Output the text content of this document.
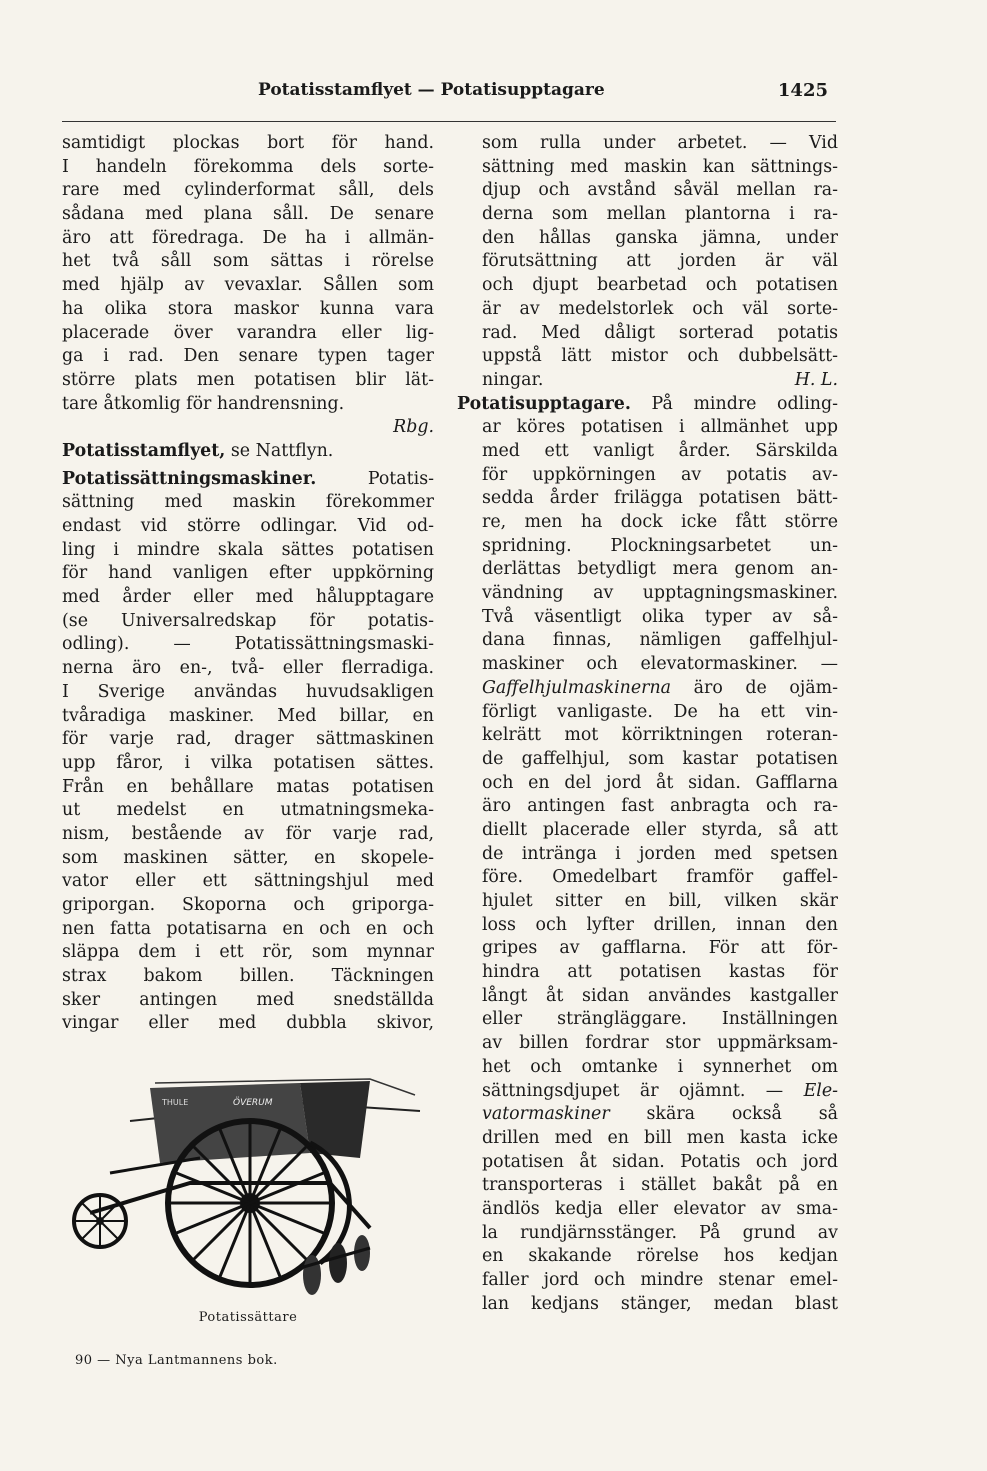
Potatisstamflyet — Potatisupptagare	1425
samtidigt plockas bort för hand.
I handeln förekomma dels sorte-
rare med cylinderformat såll, dels
sådana med plana såll. De senare
äro att föredraga. De ha i allmän-
het två såll som sättas i rörelse
med hjälp av vevaxlar. Sållen som
ha olika stora maskor kunna vara
placerade över varandra eller lig-
ga i rad. Den senare typen tager
större plats men potatisen blir lät-
tare åtkomlig för handrensning.
Rbg.
Potatisstamflyet, se Nattflyn.
Potatissättningsmaskiner. Potatis-
sättning med maskin förekommer
endast vid större odlingar. Vid od-
ling i mindre skala sättes potatisen
för hand vanligen efter uppkörning
med årder eller med hålupptagare
(se Universalredskap för potatis-
odling). — Potatissättningsmaski-
nerna äro en-, två- eller flerradiga.
I Sverige användas huvudsakligen
tvåradiga maskiner. Med billar, en
för varje rad, drager sättmaskinen
upp fåror, i vilka potatisen sättes.
Från en behållare matas potatisen
ut medelst en utmatningsmeka-
nism, bestående av för varje rad,
som maskinen sätter, en skopele-
vator eller ett sättningshjul med
griporgan. Skoporna och griporga-
nen fatta potatisarna en och en och
släppa dem i ett rör, som mynnar
strax bakom billen. Täckningen
sker antingen med snedställda
vingar eller med dubbla skivor,
som rulla under arbetet. — Vid
sättning med maskin kan sättnings-
djup och avstånd såväl mellan ra-
derna som mellan plantorna i ra-
den hållas ganska jämna, under
förutsättning att jorden är väl
och djupt bearbetad och potatisen
är av medelstorlek och väl sorte-
rad. Med dåligt sorterad potatis
uppstå lätt mistor och dubbelsätt-
ningar.	H. L.
Potatisupptagare. På mindre odling-
ar köres potatisen i allmänhet upp
med ett vanligt årder. Särskilda
för uppkörningen av potatis av-
sedda årder frilägga potatisen bätt-
re, men ha dock icke fått större
spridning. Plockningsarbetet un-
derlättas betydligt mera genom an-
vändning av upptagningsmaskiner.
Två väsentligt olika typer av så-
dana finnas, nämligen gaffelhjul-
maskiner och elevatormaskiner. —
Gaffelhjulmaskinerna äro de ojäm-
förligt vanligaste. De ha ett vin-
kelrätt mot körriktningen roteran-
de gaffelhjul, som kastar potatisen
och en del jord åt sidan. Gafflarna
äro antingen fast anbragta och ra-
diellt placerade eller styrda, så att
de inträngа i jorden med spetsen
före. Omedelbart framför gaffel-
hjulet sitter en bill, vilken skär
loss och lyfter drillen, innan den
gripes av gafflarna. För att för-
hindra att potatisen kastas för
långt åt sidan användes kastgaller
eller strängläggare. Inställningen
av billen fordrar stor uppmärksam-
het och omtanke i synnerhet om
sättningsdjupet är ojämnt. — Ele-
vatormaskiner skära också så
drillen med en bill men kasta icke
potatisen åt sidan. Potatis och jord
transporteras i stället bakåt på en
ändlös kedja eller elevator av sma-
la rundjärnsstänger. På grund av
en skakande rörelse hos kedjan
faller jord och mindre stenar emel-
lan kedjans stänger, medan blast
THULE	ÖVERUM
Potatissättare
90 — Nya Lantmannens bok.
